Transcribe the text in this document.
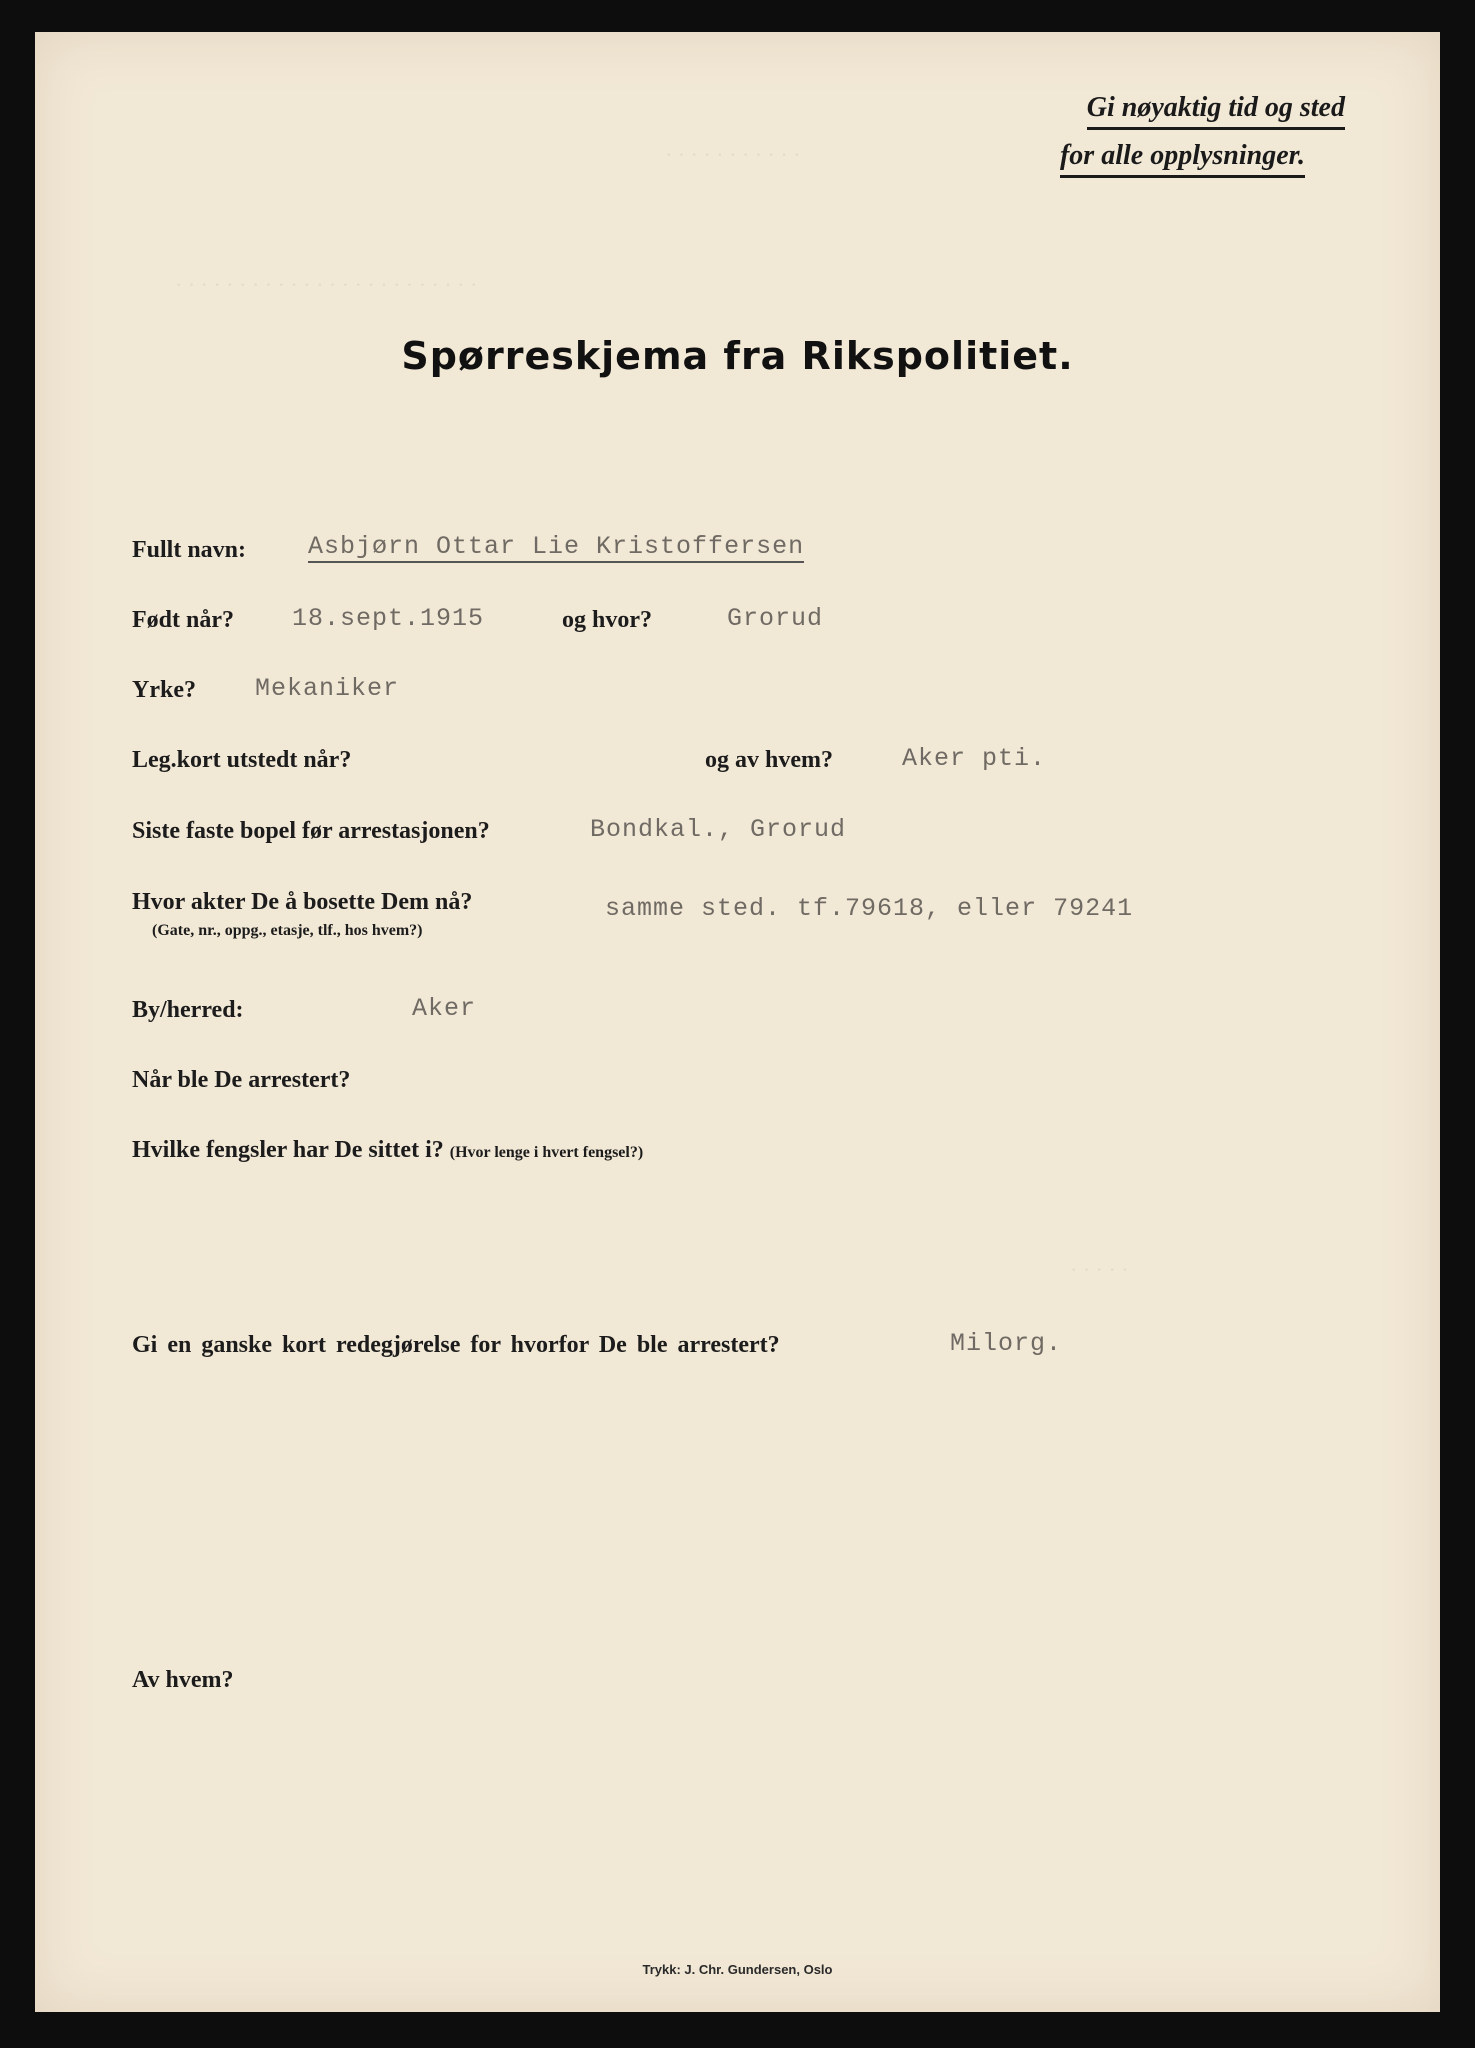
Gi nøyaktig tid og sted
for alle opplysninger.
· · · · · · · · · · ·
· · · · · · · · · · · · · · · · · · · · · · · ·
Spørreskjema fra Rikspolitiet.
Fullt navn: Asbjørn Ottar Lie Kristoffersen
Født når? 18.sept.1915	og hvor?	Grorud
Yrke? Mekaniker
Leg.kort utstedt når?	og av hvem?	Aker pti.
Siste faste bopel før arrestasjonen?	Bondkal., Grorud
Hvor akter De å bosette Dem nå?
(Gate, nr., oppg., etasje, tlf., hos hvem?)
samme sted. tf.79618, eller 79241
By/herred:	Aker
Når ble De arrestert?
Hvilke fengsler har De sittet i? (Hvor lenge i hvert fengsel?)
· · · · ·
Gi en ganske kort redegjørelse for hvorfor De ble arrestert?	Milorg.
Av hvem?
Trykk: J. Chr. Gundersen, Oslo
